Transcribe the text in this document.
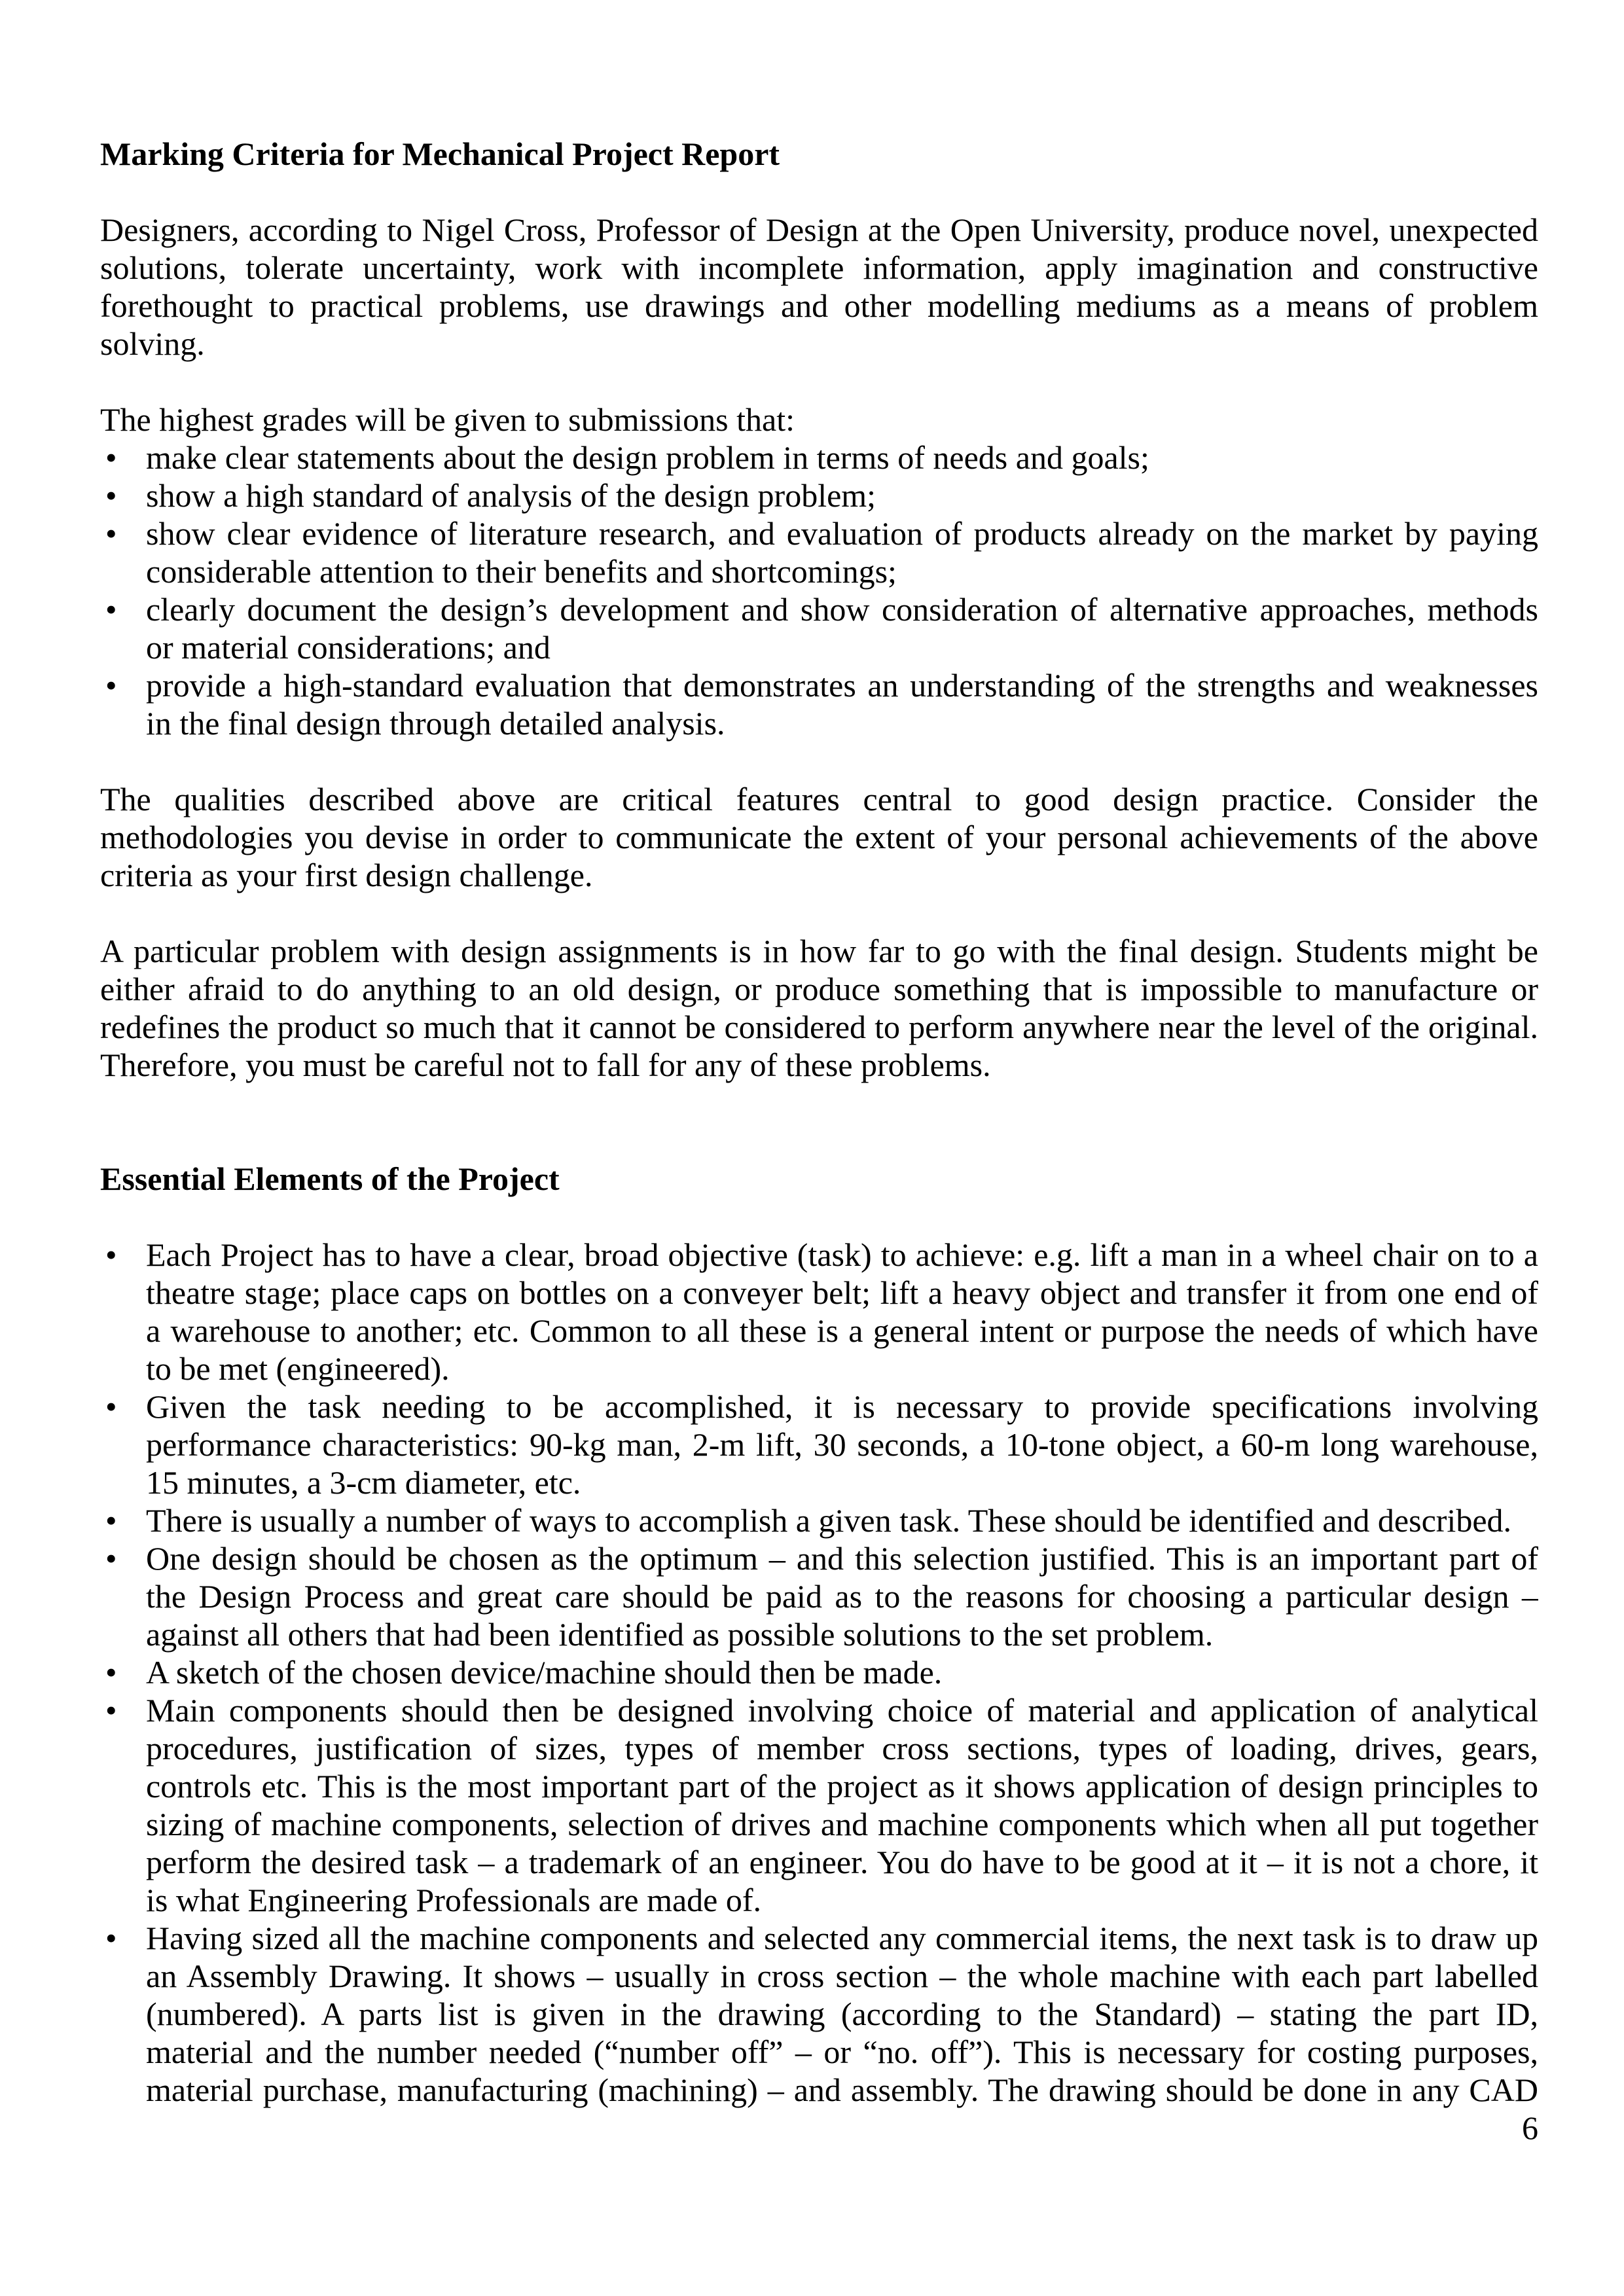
Marking Criteria for Mechanical Project Report
Designers, according to Nigel Cross, Professor of Design at the Open University, produce novel, unexpected
solutions, tolerate uncertainty, work with incomplete information, apply imagination and constructive
forethought to practical problems, use drawings and other modelling mediums as a means of problem
solving.
The highest grades will be given to submissions that:
• make clear statements about the design problem in terms of needs and goals;
• show a high standard of analysis of the design problem;
• show clear evidence of literature research, and evaluation of products already on the market by paying
considerable attention to their benefits and shortcomings;
• clearly document the design’s development and show consideration of alternative approaches, methods
or material considerations; and
• provide a high-standard evaluation that demonstrates an understanding of the strengths and weaknesses
in the final design through detailed analysis.
The qualities described above are critical features central to good design practice. Consider the
methodologies you devise in order to communicate the extent of your personal achievements of the above
criteria as your first design challenge.
A particular problem with design assignments is in how far to go with the final design. Students might be
either afraid to do anything to an old design, or produce something that is impossible to manufacture or
redefines the product so much that it cannot be considered to perform anywhere near the level of the original.
Therefore, you must be careful not to fall for any of these problems.
Essential Elements of the Project
• Each Project has to have a clear, broad objective (task) to achieve: e.g. lift a man in a wheel chair on to a
theatre stage; place caps on bottles on a conveyer belt; lift a heavy object and transfer it from one end of
a warehouse to another; etc. Common to all these is a general intent or purpose the needs of which have
to be met (engineered).
• Given the task needing to be accomplished, it is necessary to provide specifications involving
performance characteristics: 90-kg man, 2-m lift, 30 seconds, a 10-tone object, a 60-m long warehouse,
15 minutes, a 3-cm diameter, etc.
• There is usually a number of ways to accomplish a given task. These should be identified and described.
• One design should be chosen as the optimum – and this selection justified. This is an important part of
the Design Process and great care should be paid as to the reasons for choosing a particular design –
against all others that had been identified as possible solutions to the set problem.
• A sketch of the chosen device/machine should then be made.
• Main components should then be designed involving choice of material and application of analytical
procedures, justification of sizes, types of member cross sections, types of loading, drives, gears,
controls etc. This is the most important part of the project as it shows application of design principles to
sizing of machine components, selection of drives and machine components which when all put together
perform the desired task – a trademark of an engineer. You do have to be good at it – it is not a chore, it
is what Engineering Professionals are made of.
• Having sized all the machine components and selected any commercial items, the next task is to draw up
an Assembly Drawing. It shows – usually in cross section – the whole machine with each part labelled
(numbered). A parts list is given in the drawing (according to the Standard) – stating the part ID,
material and the number needed (“number off” – or “no. off”). This is necessary for costing purposes,
material purchase, manufacturing (machining) – and assembly. The drawing should be done in any CAD
6
